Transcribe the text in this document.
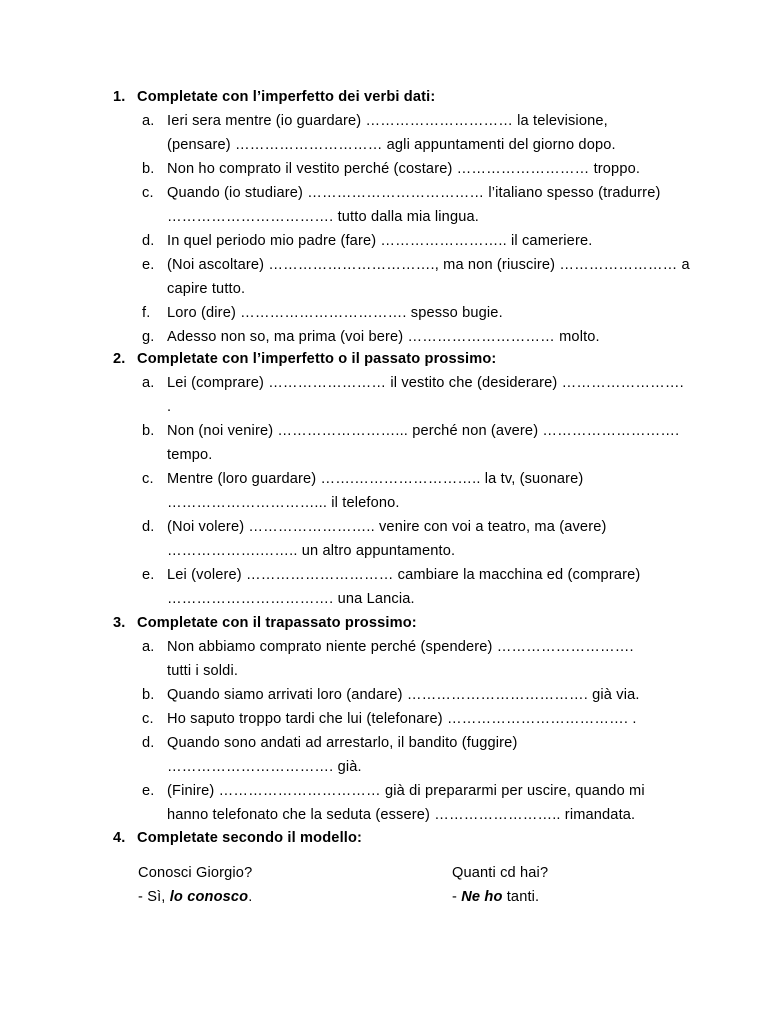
1. Completate con l’imperfetto dei verbi dati:
a. Ieri sera mentre (io guardare) ………………………… la televisione,
(pensare) ………………………… agli appuntamenti del giorno dopo.
b. Non ho comprato il vestito perché (costare) ……………………… troppo.
c. Quando (io studiare) ……………………………… l’italiano spesso (tradurre)
……………………………. tutto dalla mia lingua.
d. In quel periodo mio padre (fare) …………………….. il cameriere.
e. (Noi ascoltare) ……………………………., ma non (riuscire) …………………… a
capire tutto.
f. Loro (dire) ……………………………. spesso bugie.
g. Adesso non so, ma prima (voi bere) ………………………… molto.
2. Completate con l’imperfetto o il passato prossimo:
a. Lei (comprare) …………………… il vestito che (desiderare) …………………….
.
b. Non (noi venire) ……………………... perché non (avere) ……………………….
tempo.
c. Mentre (loro guardare) …….…………………….. la tv, (suonare)
…………………………... il telefono.
d. (Noi volere) …………………….. venire con voi a teatro, ma (avere)
……………….…….. un altro appuntamento.
e. Lei (volere) ………………………… cambiare la macchina ed (comprare)
……………………………. una Lancia.
3. Completate con il trapassato prossimo:
a. Non abbiamo comprato niente perché (spendere) ……………………….
tutti i soldi.
b. Quando siamo arrivati loro (andare) ………………………………. già via.
c. Ho saputo troppo tardi che lui (telefonare) ………………………………. .
d. Quando sono andati ad arrestarlo, il bandito (fuggire)
……………………………. già.
e. (Finire) …………………………… già di prepararmi per uscire, quando mi
hanno telefonato che la seduta (essere) …………………….. rimandata.
4. Completate secondo il modello:
Conosci Giorgio?
- Sì, lo conosco.
Quanti cd hai?
- Ne ho tanti.
